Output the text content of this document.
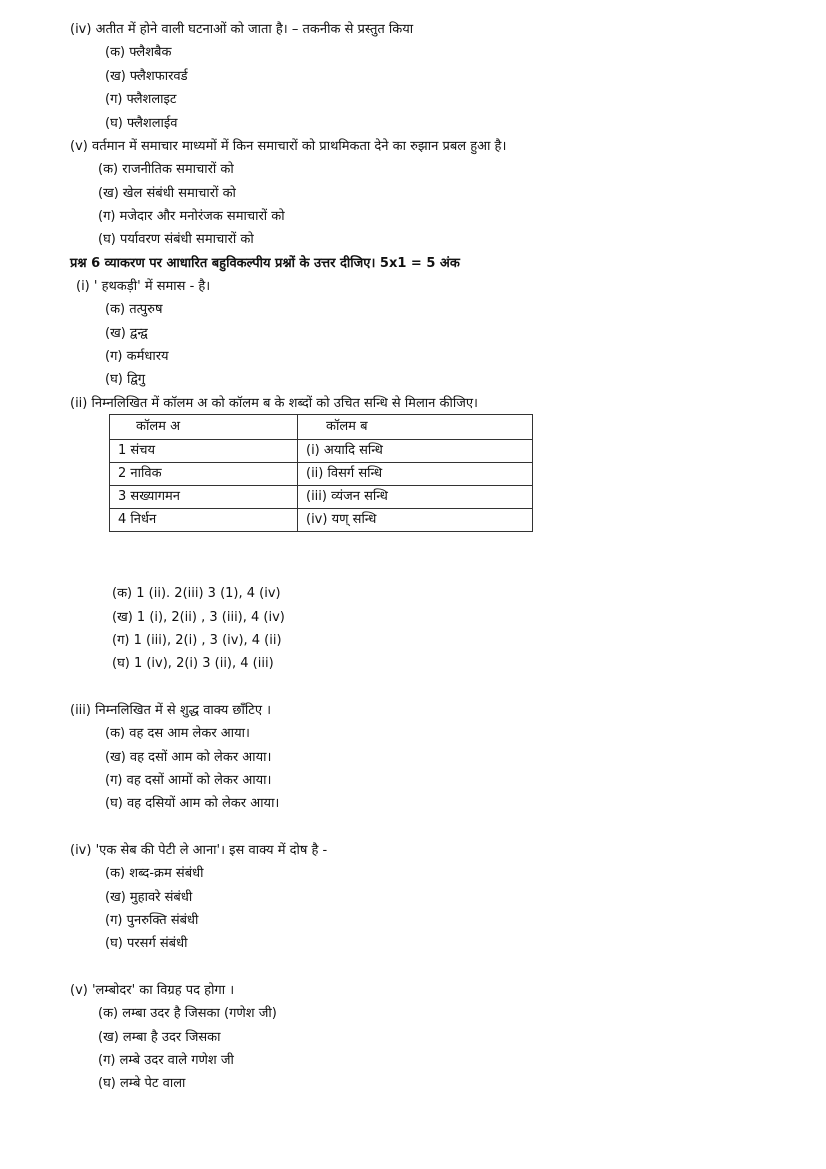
(iv) अतीत में होने वाली घटनाओं को जाता है। – तकनीक से प्रस्तुत किया
(क) फ्लैशबैक
(ख) फ्लैशफारवर्ड
(ग) फ्लैशलाइट
(घ) फ्लैशलाईव
(v) वर्तमान में समाचार माध्यमों में किन समाचारों को प्राथमिकता देने का रुझान प्रबल हुआ है।
(क) राजनीतिक समाचारों को
(ख) खेल संबंधी समाचारों को
(ग) मजेदार और मनोरंजक समाचारों को
(घ) पर्यावरण संबंधी समाचारों को
प्रश्न 6 व्याकरण पर आधारित बहुविकल्पीय प्रश्नों के उत्तर दीजिए। 5x1 = 5 अंक
(i) ' हथकड़ी' में समास - है।
(क) तत्पुरुष
(ख) द्वन्द्व
(ग) कर्मधारय
(घ) द्विगु
(ii) निम्नलिखित में कॉलम अ को कॉलम ब के शब्दों को उचित सन्धि से मिलान कीजिए।
कॉलम अ	कॉलम ब
1 संचय	(i) अयादि सन्धि
2 नाविक	(ii) विसर्ग सन्धि
3 सख्यागमन	(iii) व्यंजन सन्धि
4 निर्धन	(iv) यण् सन्धि
(क) 1 (ii). 2(iii) 3 (1), 4 (iv)
(ख) 1 (i), 2(ii) , 3 (iii), 4 (iv)
(ग) 1 (iii), 2(i) , 3 (iv), 4 (ii)
(घ) 1 (iv), 2(i) 3 (ii), 4 (iii)
(iii) निम्नलिखित में से शुद्ध वाक्य छाँटिए ।
(क) वह दस आम लेकर आया।
(ख) वह दसों आम को लेकर आया।
(ग) वह दसों आमों को लेकर आया।
(घ) वह दसियों आम को लेकर आया।
(iv) 'एक सेब की पेटी ले आना'। इस वाक्य में दोष है -
(क) शब्द-क्रम संबंधी
(ख) मुहावरे संबंधी
(ग) पुनरुक्ति संबंधी
(घ) परसर्ग संबंधी
(v) 'लम्बोदर' का विग्रह पद होगा ।
(क) लम्बा उदर है जिसका (गणेश जी)
(ख) लम्बा है उदर जिसका
(ग) लम्बे उदर वाले गणेश जी
(घ) लम्बे पेट वाला
